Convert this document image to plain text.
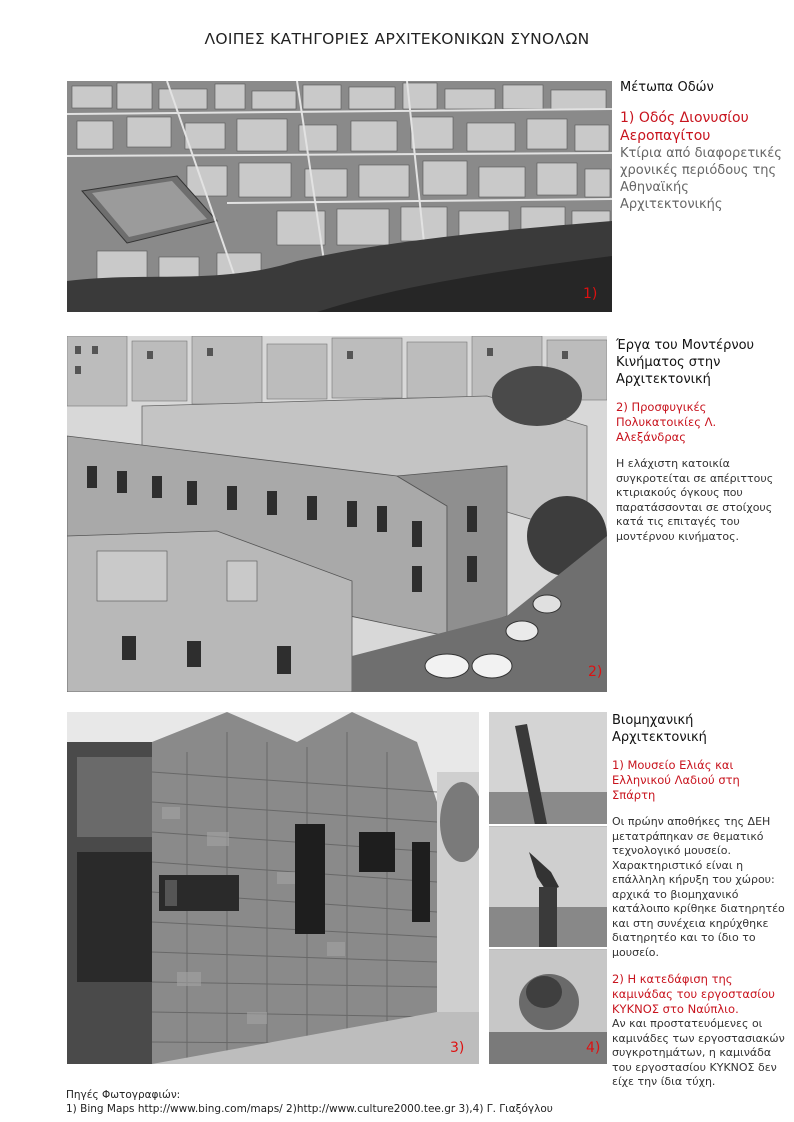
ΛΟΙΠΕΣ ΚΑΤΗΓΟΡΙΕΣ ΑΡΧΙΤΕΚΟΝΙΚΩΝ ΣΥΝΟΛΩΝ
1)
Μέτωπα Οδών
1) Οδός Διονυσίου Αεροπαγίτου
Κτίρια από διαφορετικές χρονικές περιόδους της Αθηναϊκής Αρχιτεκτονικής
2)
Έργα του Μοντέρνου Κινήματος στην Αρχιτεκτονική
2) Προσφυγικές Πολυκατοικίες Λ. Αλεξάνδρας
Η ελάχιστη κατοικία συγκροτείται σε απέριττους κτιριακούς όγκους που παρατάσσονται σε στοίχους κατά τις επιταγές του μοντέρνου κινήματος.
3)	4)
Βιομηχανική Αρχιτεκτονική
1) Μουσείο Ελιάς και Ελληνικού Λαδιού στη Σπάρτη
Οι πρώην αποθήκες της ΔΕΗ μετατράπηκαν σε θεματικό τεχνολογικό μουσείο. Χαρακτηριστικό είναι η επάλληλη κήρυξη του χώρου: αρχικά το βιομηχανικό κατάλοιπο κρίθηκε διατηρητέο και στη συνέχεια κηρύχθηκε διατηρητέο και το ίδιο το μουσείο.
2) Η κατεδάφιση της καμινάδας του εργοστασίου ΚΥΚΝΟΣ στο Ναύπλιο.
Αν και προστατευόμενες οι καμινάδες των εργοστασιακών συγκροτημάτων, η καμινάδα του εργοστασίου ΚΥΚΝΟΣ δεν είχε την ίδια τύχη.
Πηγές Φωτογραφιών:
1) Bing Maps http://www.bing.com/maps/ 2)http://www.culture2000.tee.gr 3),4) Γ. Γιαξόγλου
